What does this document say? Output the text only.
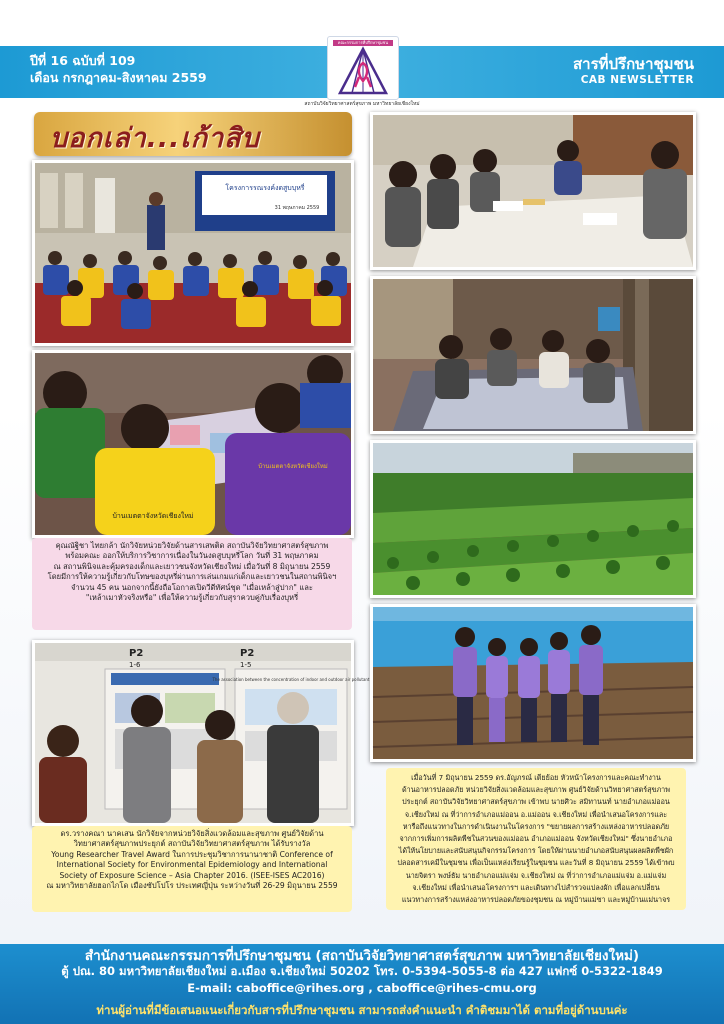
ปีที่ 16 ฉบับที่ 109
เดือน กรกฎาคม-สิงหาคม 2559
คณะกรรมการที่ปรึกษาชุมชน
สถาบันวิจัยวิทยาศาสตร์สุขภาพ มหาวิทยาลัยเชียงใหม่
สารที่ปรึกษาชุมชน
CAB NEWSLETTER
บอกเล่า...เก้าสิบ
โครงการรณรงค์งดสูบบุหรี่
31 พฤษภาคม 2559
บ้านเมตตาจังหวัดเชียงใหม่
บ้านเมตตาจังหวัดเชียงใหม่
คุณณัฐิชา ไทยกล้า นักวิจัยหน่วยวิจัยด้านสารเสพติด สถาบันวิจัยวิทยาศาสตร์สุขภาพ
พร้อมคณะ ออกให้บริการวิชาการเนื่องในวันงดสูบบุหรี่โลก วันที่ 31 พฤษภาคม
ณ สถานพินิจและคุ้มครองเด็กและเยาวชนจังหวัดเชียงใหม่ เมื่อวันที่ 8 มิถุนายน 2559
โดยมีการให้ความรู้เกี่ยวกับโทษของบุหรี่ผ่านการเล่นเกมแก่เด็กและเยาวชนในสถานพินิจฯ
จำนวน 45 คน นอกจากนี้ยังถือโอกาสเปิดวีดีทัศน์ชุด "เมื่อเหล้าสู่ปาก" และ
"เหล้าเมาหัวจริงหรือ" เพื่อให้ความรู้เกี่ยวกับสุราควบคู่กับเรื่องบุหรี่
The association between the concentration of indoor and outdoor air pollutant
P2
1-6
P2
1-5
ดร.วรางคณา นาคเสน นักวิจัยจากหน่วยวิจัยสิ่งแวดล้อมและสุขภาพ ศูนย์วิจัยด้าน
วิทยาศาสตร์สุขภาพประยุกต์ สถาบันวิจัยวิทยาศาสตร์สุขภาพ ได้รับรางวัล
Young Researcher Travel Award ในการประชุมวิชาการนานาชาติ Conference of
International Society for Environmental Epidemiology and International
Society of Exposure Science – Asia Chapter 2016. (ISEE-ISES AC2016)
ณ มหาวิทยาลัยฮอกไกโด เมืองซัปโปโร ประเทศญี่ปุ่น ระหว่างวันที่ 26-29 มิถุนายน 2559
เมื่อวันที่ 7 มิถุนายน 2559 ดร.อัญภรณ์ เตียย้อย หัวหน้าโครงการและคณะทำงาน
ด้านอาหารปลอดภัย หน่วยวิจัยสิ่งแวดล้อมและสุขภาพ ศูนย์วิจัยด้านวิทยาศาสตร์สุขภาพ
ประยุกต์ สถาบันวิจัยวิทยาศาสตร์สุขภาพ เข้าพบ นายศิวะ สมิทานนท์ นายอำเภอแม่ออน
จ.เชียงใหม่ ณ ที่ว่าการอำเภอแม่ออน อ.แม่ออน จ.เชียงใหม่ เพื่อนำเสนอโครงการและ
หารือถึงแนวทางในการดำเนินงานในโครงการ "ขยายผลการสร้างแหล่งอาหารปลอดภัย
จากการเพิ่มการผลิตพืชในสวนของแม่ออน อำเภอแม่ออน จังหวัดเชียงใหม่" ซึ่งนายอำเภอ
ได้ให้นโยบายและสนับสนุนกิจกรรมโครงการ โดยให้ผ่านนายอำเภอสนับสนุนผลผลิตพืชผัก
ปลอดสารเคมีในชุมชน เพื่อเป็นแหล่งเรียนรู้ในชุมชน และวันที่ 8 มิถุนายน 2559 ได้เข้าพบ
นายจิตรา พงษ์ธัม นายอำเภอแม่แจ่ม จ.เชียงใหม่ ณ ที่ว่าการอำเภอแม่แจ่ม อ.แม่แจ่ม
จ.เชียงใหม่ เพื่อนำเสนอโครงการฯ และเดินทางไปสำรวจแปลงผัก เพื่อแลกเปลี่ยน
แนวทางการสร้างแหล่งอาหารปลอดภัยของชุมชน ณ หมู่บ้านแม่ซา และหมู่บ้านแม่นาจร
สำนักงานคณะกรรมการที่ปรึกษาชุมชน (สถาบันวิจัยวิทยาศาสตร์สุขภาพ มหาวิทยาลัยเชียงใหม่)
ตู้ ปณ. 80 มหาวิทยาลัยเชียงใหม่ อ.เมือง จ.เชียงใหม่ 50202 โทร. 0-5394-5055-8 ต่อ 427 แฟกซ์ 0-5322-1849
E-mail: caboffice@rihes.org , caboffice@rihes-cmu.org
ท่านผู้อ่านที่มีข้อเสนอแนะเกี่ยวกับสารที่ปรึกษาชุมชน สามารถส่งคำแนะนำ คำติชมมาได้ ตามที่อยู่ด้านบนค่ะ
